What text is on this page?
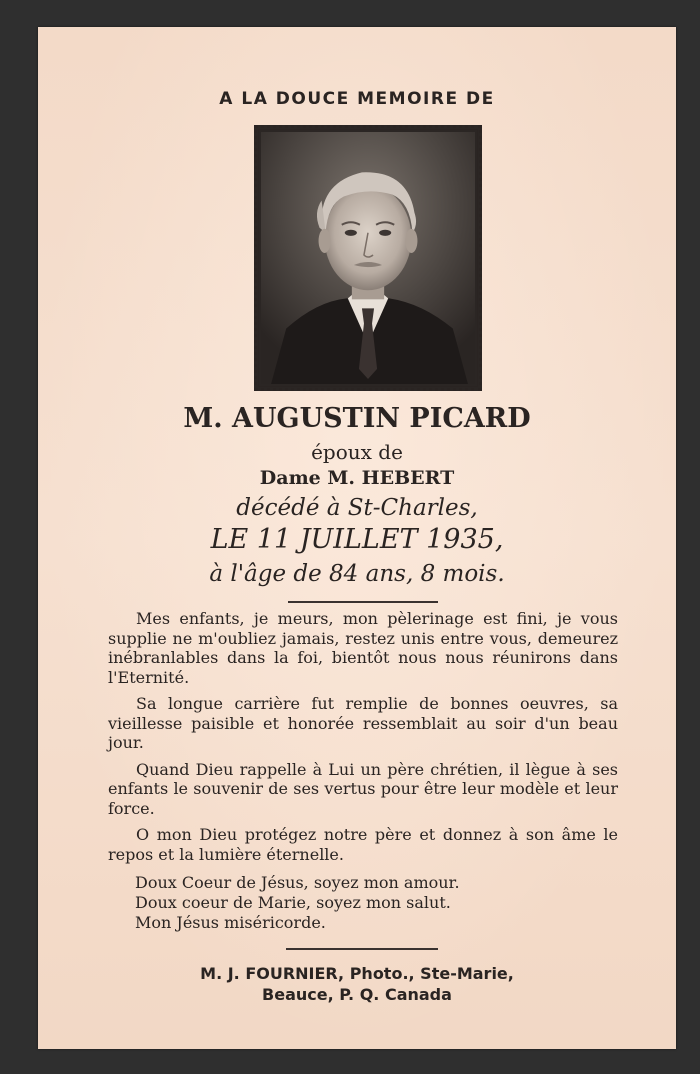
A LA DOUCE MEMOIRE DE
M. AUGUSTIN PICARD
époux de
Dame M. HEBERT
décédé à St-Charles,
LE 11 JUILLET 1935,
à l'âge de 84 ans, 8 mois.

Mes enfants, je meurs, mon pèlerinage est fini, je vous supplie ne m'oubliez jamais, restez unis entre vous, demeurez inébranlables dans la foi, bientôt nous nous réunirons dans l'Eternité.

Sa longue carrière fut remplie de bonnes oeuvres, sa vieillesse paisible et honorée ressemblait au soir d'un beau jour.

Quand Dieu rappelle à Lui un père chrétien, il lègue à ses enfants le souvenir de ses vertus pour être leur modèle et leur force.

O mon Dieu protégez notre père et donnez à son âme le repos et la lumière éternelle.

Doux Coeur de Jésus, soyez mon amour.
Doux coeur de Marie, soyez mon salut.
Mon Jésus miséricorde.
M. J. FOURNIER, Photo., Ste-Marie,
Beauce, P. Q. Canada
